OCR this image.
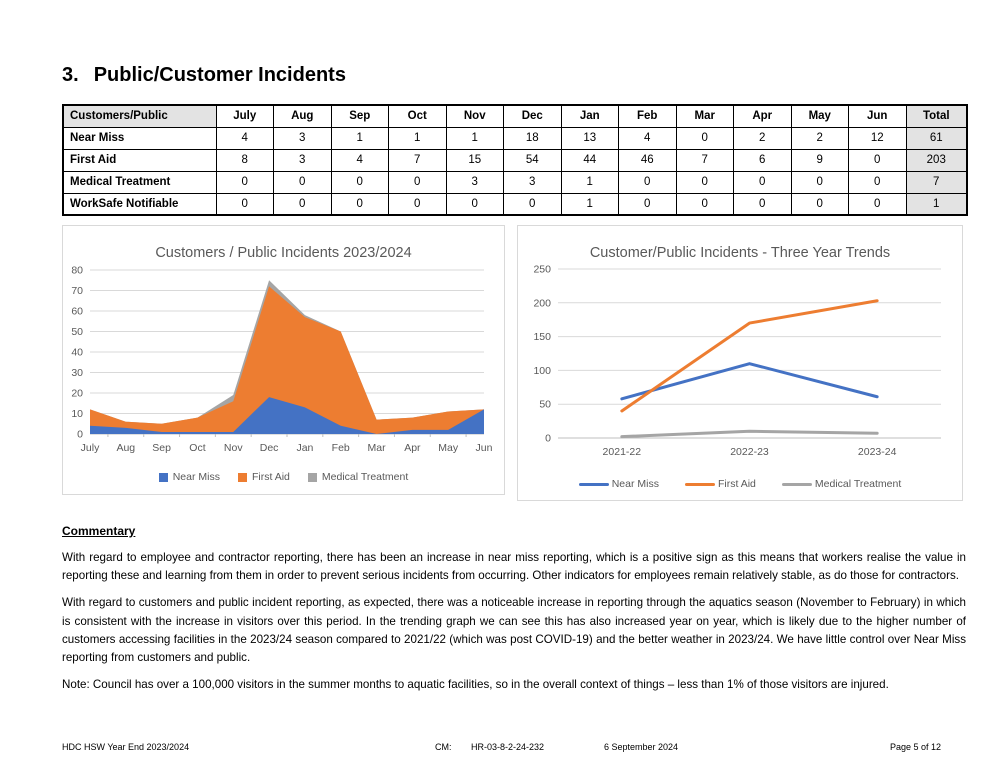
3. Public/Customer Incidents
Customers/Public	July	Aug	Sep	Oct	Nov	Dec	Jan	Feb	Mar	Apr	May	Jun	Total
Near Miss	4	3	1	1	1	18	13	4	0	2	2	12	61
First Aid	8	3	4	7	15	54	44	46	7	6	9	0	203
Medical Treatment	0	0	0	0	3	3	1	0	0	0	0	0	7
WorkSafe Notifiable	0	0	0	0	0	0	1	0	0	0	0	0	1
0
10
20
30
40
50
60
70
80
July Aug Sep Oct Nov Dec Jan Feb Mar Apr May Jun
Customers / Public Incidents 2023/2024
Near Miss	First Aid	Medical Treatment
0
50
100
150
200
250
2021-22	2022-23	2023-24
Customer/Public Incidents - Three Year Trends
Near Miss	First Aid	Medical Treatment
Commentary

With regard to employee and contractor reporting, there has been an increase in near miss reporting, which is a positive sign as this means that workers realise the value in reporting these and learning from them in order to prevent serious incidents from occurring. Other indicators for employees remain relatively stable, as do those for contractors.

With regard to customers and public incident reporting, as expected, there was a noticeable increase in reporting through the aquatics season (November to February) in which is consistent with the increase in visitors over this period. In the trending graph we can see this has also increased year on year, which is likely due to the higher number of customers accessing facilities in the 2023/24 season compared to 2021/22 (which was post COVID-19) and the better weather in 2023/24. We have little control over Near Miss reporting from customers and public.

Note: Council has over a 100,000 visitors in the summer months to aquatic facilities, so in the overall context of things – less than 1% of those visitors are injured.

HDC HSW Year End 2023/2024	CM: HR-03-8-2-24-232	6 September 2024	Page 5 of 12
